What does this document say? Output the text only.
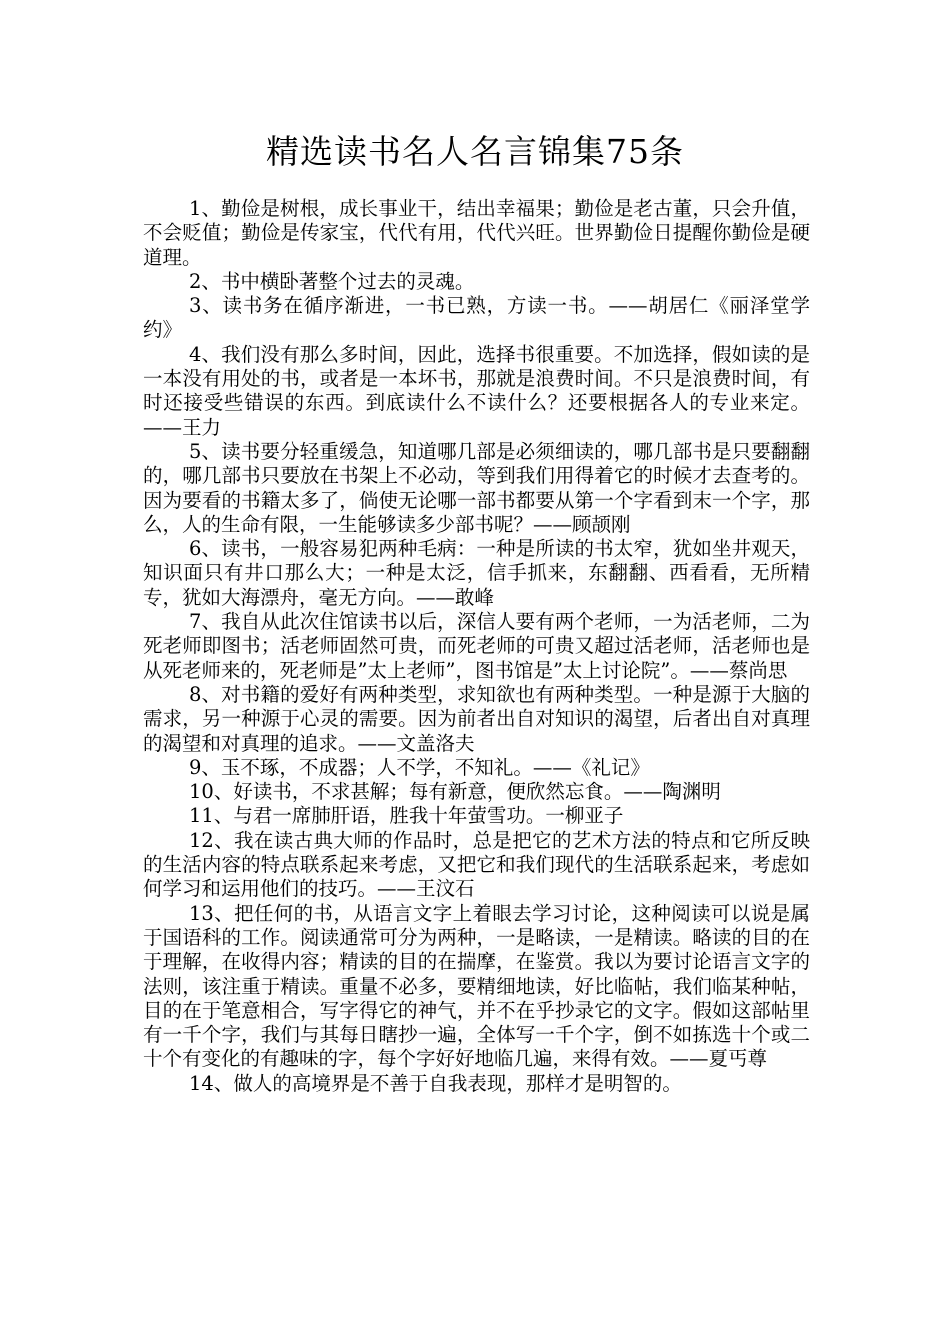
精选读书名人名言锦集75条

1、勤俭是树根，成长事业干，结出幸福果；勤俭是老古董，只会升值，不会贬值；勤俭是传家宝，代代有用，代代兴旺。世界勤俭日提醒你勤俭是硬道理。

2、书中横卧著整个过去的灵魂。

3、读书务在循序渐进，一书已熟，方读一书。——胡居仁《丽泽堂学约》

4、我们没有那么多时间，因此，选择书很重要。不加选择，假如读的是一本没有用处的书，或者是一本坏书，那就是浪费时间。不只是浪费时间，有时还接受些错误的东西。到底读什么不读什么？还要根据各人的专业来定。——王力

5、读书要分轻重缓急，知道哪几部是必须细读的，哪几部书是只要翻翻的，哪几部书只要放在书架上不必动，等到我们用得着它的时候才去查考的。因为要看的书籍太多了，倘使无论哪一部书都要从第一个字看到末一个字，那么，人的生命有限，一生能够读多少部书呢？——顾颉刚

6、读书，一般容易犯两种毛病：一种是所读的书太窄，犹如坐井观天，知识面只有井口那么大；一种是太泛，信手抓来，东翻翻、西看看，无所精专，犹如大海漂舟，毫无方向。——敢峰

7、我自从此次住馆读书以后，深信人要有两个老师，一为活老师，二为死老师即图书；活老师固然可贵，而死老师的可贵又超过活老师，活老师也是从死老师来的，死老师是”太上老师”，图书馆是”太上讨论院”。——蔡尚思

8、对书籍的爱好有两种类型，求知欲也有两种类型。一种是源于大脑的需求，另一种源于心灵的需要。因为前者出自对知识的渴望，后者出自对真理的渴望和对真理的追求。——文盖洛夫

9、玉不琢，不成器；人不学，不知礼。——《礼记》

10、好读书，不求甚解；每有新意，便欣然忘食。——陶渊明

11、与君一席肺肝语，胜我十年萤雪功。一柳亚子

12、我在读古典大师的作品时，总是把它的艺术方法的特点和它所反映的生活内容的特点联系起来考虑，又把它和我们现代的生活联系起来，考虑如何学习和运用他们的技巧。——王汶石

13、把任何的书，从语言文字上着眼去学习讨论，这种阅读可以说是属于国语科的工作。阅读通常可分为两种，一是略读，一是精读。略读的目的在于理解，在收得内容；精读的目的在揣摩，在鉴赏。我以为要讨论语言文字的法则，该注重于精读。重量不必多，要精细地读，好比临帖，我们临某种帖，目的在于笔意相合，写字得它的神气，并不在乎抄录它的文字。假如这部帖里有一千个字，我们与其每日瞎抄一遍，全体写一千个字，倒不如拣选十个或二十个有变化的有趣味的字，每个字好好地临几遍，来得有效。——夏丐尊

14、做人的高境界是不善于自我表现，那样才是明智的。
